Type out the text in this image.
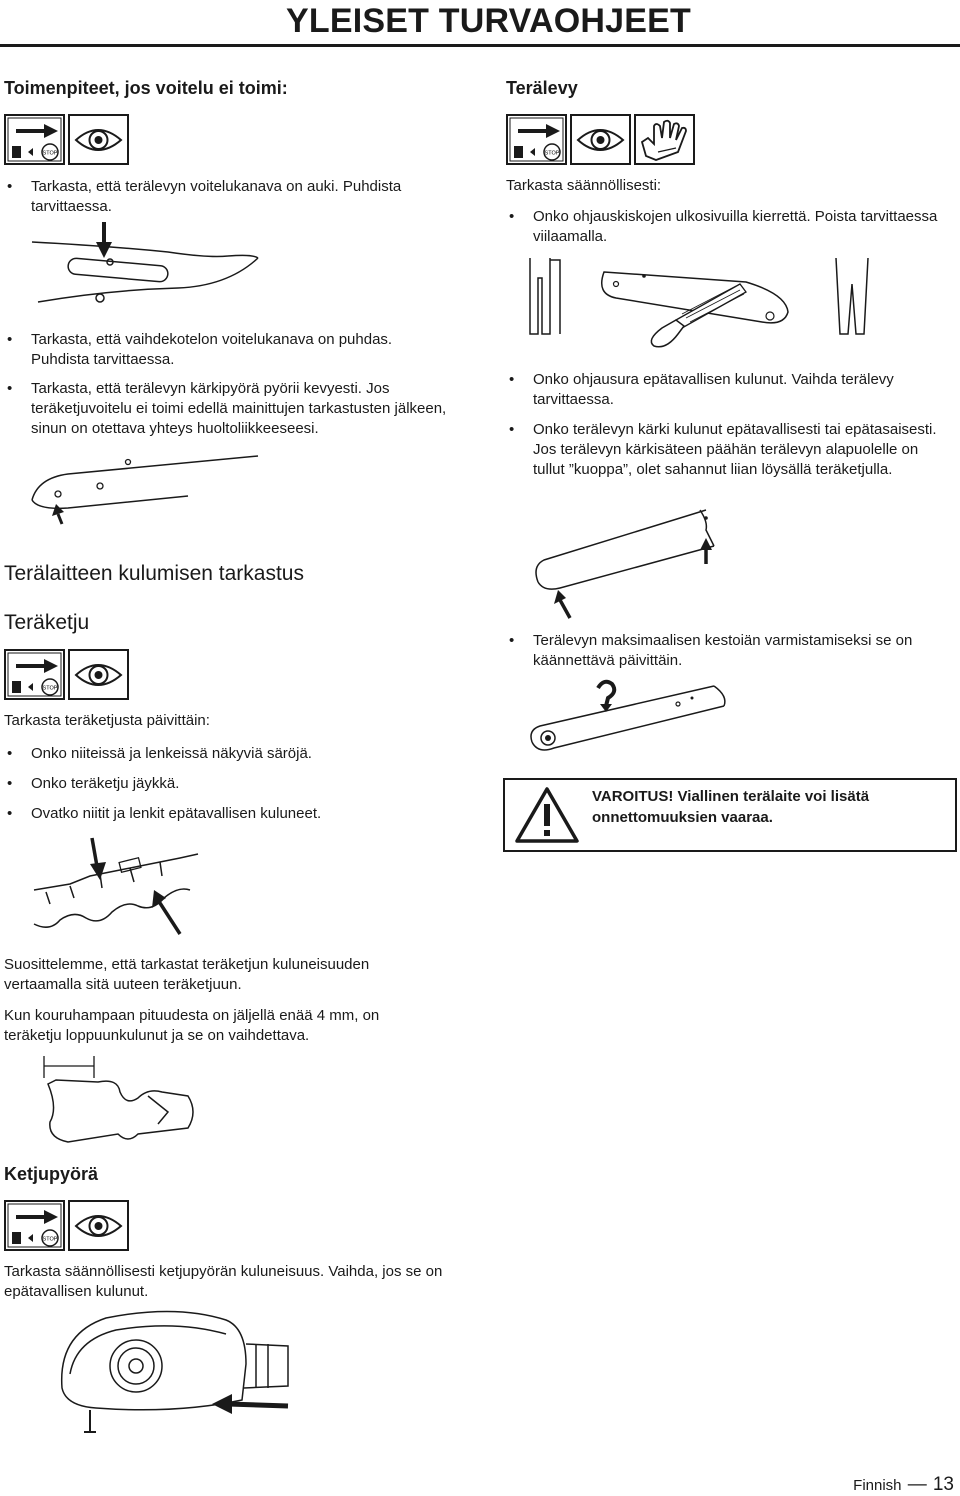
YLEISET TURVAOHJEET
Toimenpiteet, jos voitelu ei toimi:
STOP
• Tarkasta, että terälevyn voitelukanava on auki. Puhdista tarvittaessa.
• Tarkasta, että vaihdekotelon voitelukanava on puhdas. Puhdista tarvittaessa.
• Tarkasta, että terälevyn kärkipyörä pyörii kevyesti. Jos teräketjuvoitelu ei toimi edellä mainittujen tarkastusten jälkeen, sinun on otettava yhteys huoltoliikkeeseesi.
Terälaitteen kulumisen tarkastus
Teräketju
STOP
Tarkasta teräketjusta päivittäin:
• Onko niiteissä ja lenkeissä näkyviä säröjä.
• Onko teräketju jäykkä.
• Ovatko niitit ja lenkit epätavallisen kuluneet.
Suosittelemme, että tarkastat teräketjun kuluneisuuden vertaamalla sitä uuteen teräketjuun.
Kun kouruhampaan pituudesta on jäljellä enää 4 mm, on teräketju loppuunkulunut ja se on vaihdettava.
Ketjupyörä
STOP
Tarkasta säännöllisesti ketjupyörän kuluneisuus. Vaihda, jos se on epätavallisen kulunut.
Terälevy
STOP
Tarkasta säännöllisesti:
• Onko ohjauskiskojen ulkosivuilla kierrettä. Poista tarvittaessa viilaamalla.
• Onko ohjausura epätavallisen kulunut. Vaihda terälevy tarvittaessa.
• Onko terälevyn kärki kulunut epätavallisesti tai epätasaisesti. Jos terälevyn kärkisäteen päähän terälevyn alapuolelle on tullut ”kuoppa”, olet sahannut liian löysällä teräketjulla.
• Terälevyn maksimaalisen kestoiän varmistamiseksi se on käännettävä päivittäin.
VAROITUS! Viallinen terälaite voi lisätä onnettomuuksien vaaraa.
Finnish — 13
